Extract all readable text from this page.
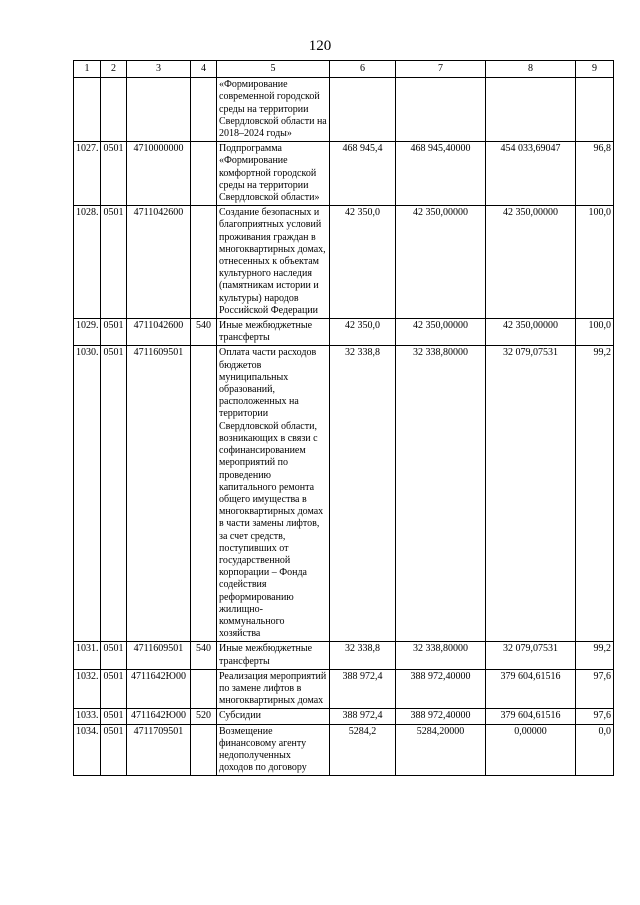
120
1	2	3	4	5	6	7	8	9
				«Формирование современной городской среды на территории Свердловской области на 2018–2024 годы»				
1027.	0501	4710000000		Подпрограмма «Формирование комфортной городской среды на территории Свердловской области»	468 945,4	468 945,40000	454 033,69047	96,8
1028.	0501	4711042600		Создание безопасных и благоприятных условий проживания граждан в многоквартирных домах, отнесенных к объектам культурного наследия (памятникам истории и культуры) народов Российской Федерации	42 350,0	42 350,00000	42 350,00000	100,0
1029.	0501	4711042600	540	Иные межбюджетные трансферты	42 350,0	42 350,00000	42 350,00000	100,0
1030.	0501	4711609501		Оплата части расходов бюджетов муниципальных образований, расположенных на территории Свердловской области, возникающих в связи с софинансированием мероприятий по проведению капитального ремонта общего имущества в многоквартирных домах в части замены лифтов, за счет средств, поступивших от государственной корпорации – Фонда содействия реформированию жилищно-коммунального хозяйства	32 338,8	32 338,80000	32 079,07531	99,2
1031.	0501	4711609501	540	Иные межбюджетные трансферты	32 338,8	32 338,80000	32 079,07531	99,2
1032.	0501	471164‌2Ю00		Реализация мероприятий по замене лифтов в многоквартирных домах	388 972,4	388 972,40000	379 604,61516	97,6
1033.	0501	471164‌2Ю00	520	Субсидии	388 972,4	388 972,40000	379 604,61516	97,6
1034.	0501	4711709501		Возмещение финансовому агенту недополученных доходов по договору	5284,2	5284,20000	0,00000	0,0
